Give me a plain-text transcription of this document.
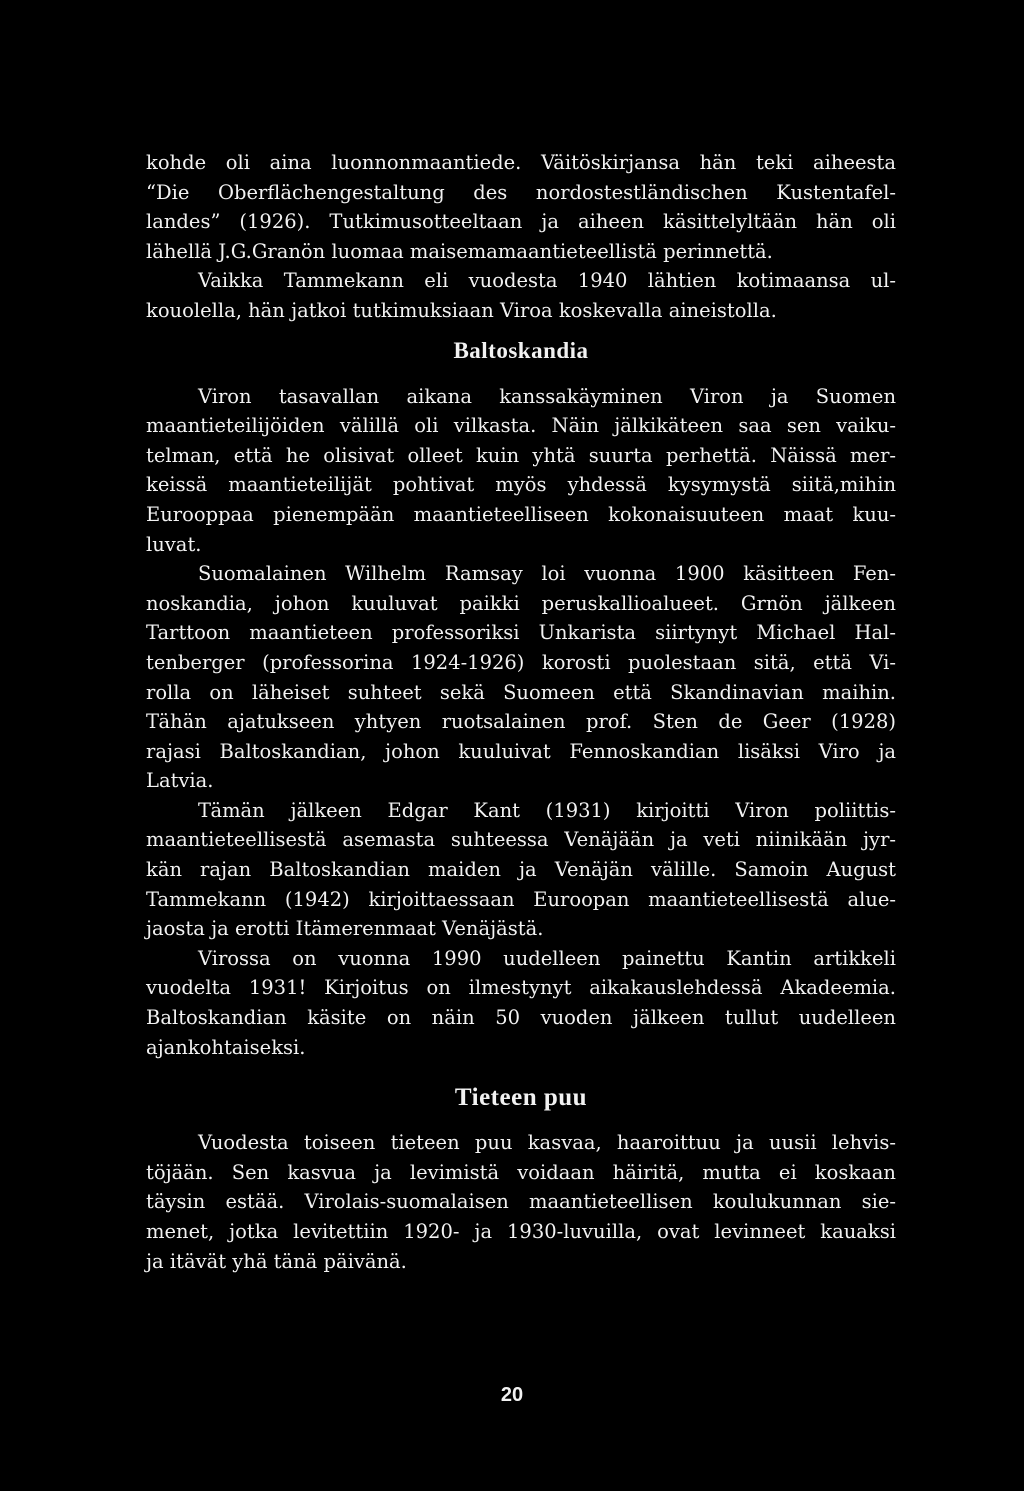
kohde oli aina luonnonmaantiede. Väitöskirjansa hän teki aiheesta
“Die Oberflächengestaltung des nordostestländischen Kustentafel-
landes” (1926). Tutkimusotteeltaan ja aiheen käsittelyltään hän oli
lähellä J.G.Granön luomaa maisemamaantieteellistä perinnettä.

Vaikka Tammekann eli vuodesta 1940 lähtien kotimaansa ul-
kouolella, hän jatkoi tutkimuksiaan Viroa koskevalla aineistolla.

Baltoskandia

Viron tasavallan aikana kanssakäyminen Viron ja Suomen
maantieteilijöiden välillä oli vilkasta. Näin jälkikäteen saa sen vaiku-
telman, että he olisivat olleet kuin yhtä suurta perhettä. Näissä mer-
keissä maantieteilijät pohtivat myös yhdessä kysymystä siitä,mihin
Eurooppaa pienempään maantieteelliseen kokonaisuuteen maat kuu-
luvat.

Suomalainen Wilhelm Ramsay loi vuonna 1900 käsitteen Fen-
noskandia, johon kuuluvat paikki peruskallioalueet. Grnön jälkeen
Tarttoon maantieteen professoriksi Unkarista siirtynyt Michael Hal-
tenberger (professorina 1924-1926) korosti puolestaan sitä, että Vi-
rolla on läheiset suhteet sekä Suomeen että Skandinavian maihin.
Tähän ajatukseen yhtyen ruotsalainen prof. Sten de Geer (1928)
rajasi Baltoskandian, johon kuuluivat Fennoskandian lisäksi Viro ja
Latvia.

Tämän jälkeen Edgar Kant (1931) kirjoitti Viron poliittis-
maantieteellisestä asemasta suhteessa Venäjään ja veti niinikään jyr-
kän rajan Baltoskandian maiden ja Venäjän välille. Samoin August
Tammekann (1942) kirjoittaessaan Euroopan maantieteellisestä alue-
jaosta ja erotti Itämerenmaat Venäjästä.

Virossa on vuonna 1990 uudelleen painettu Kantin artikkeli
vuodelta 1931! Kirjoitus on ilmestynyt aikakauslehdessä Akadeemia.
Baltoskandian käsite on näin 50 vuoden jälkeen tullut uudelleen
ajankohtaiseksi.

Tieteen puu

Vuodesta toiseen tieteen puu kasvaa, haaroittuu ja uusii lehvis-
töjään. Sen kasvua ja levimistä voidaan häiritä, mutta ei koskaan
täysin estää. Virolais-suomalaisen maantieteellisen koulukunnan sie-
menet, jotka levitettiin 1920- ja 1930-luvuilla, ovat levinneet kauaksi
ja itävät yhä tänä päivänä.

20
